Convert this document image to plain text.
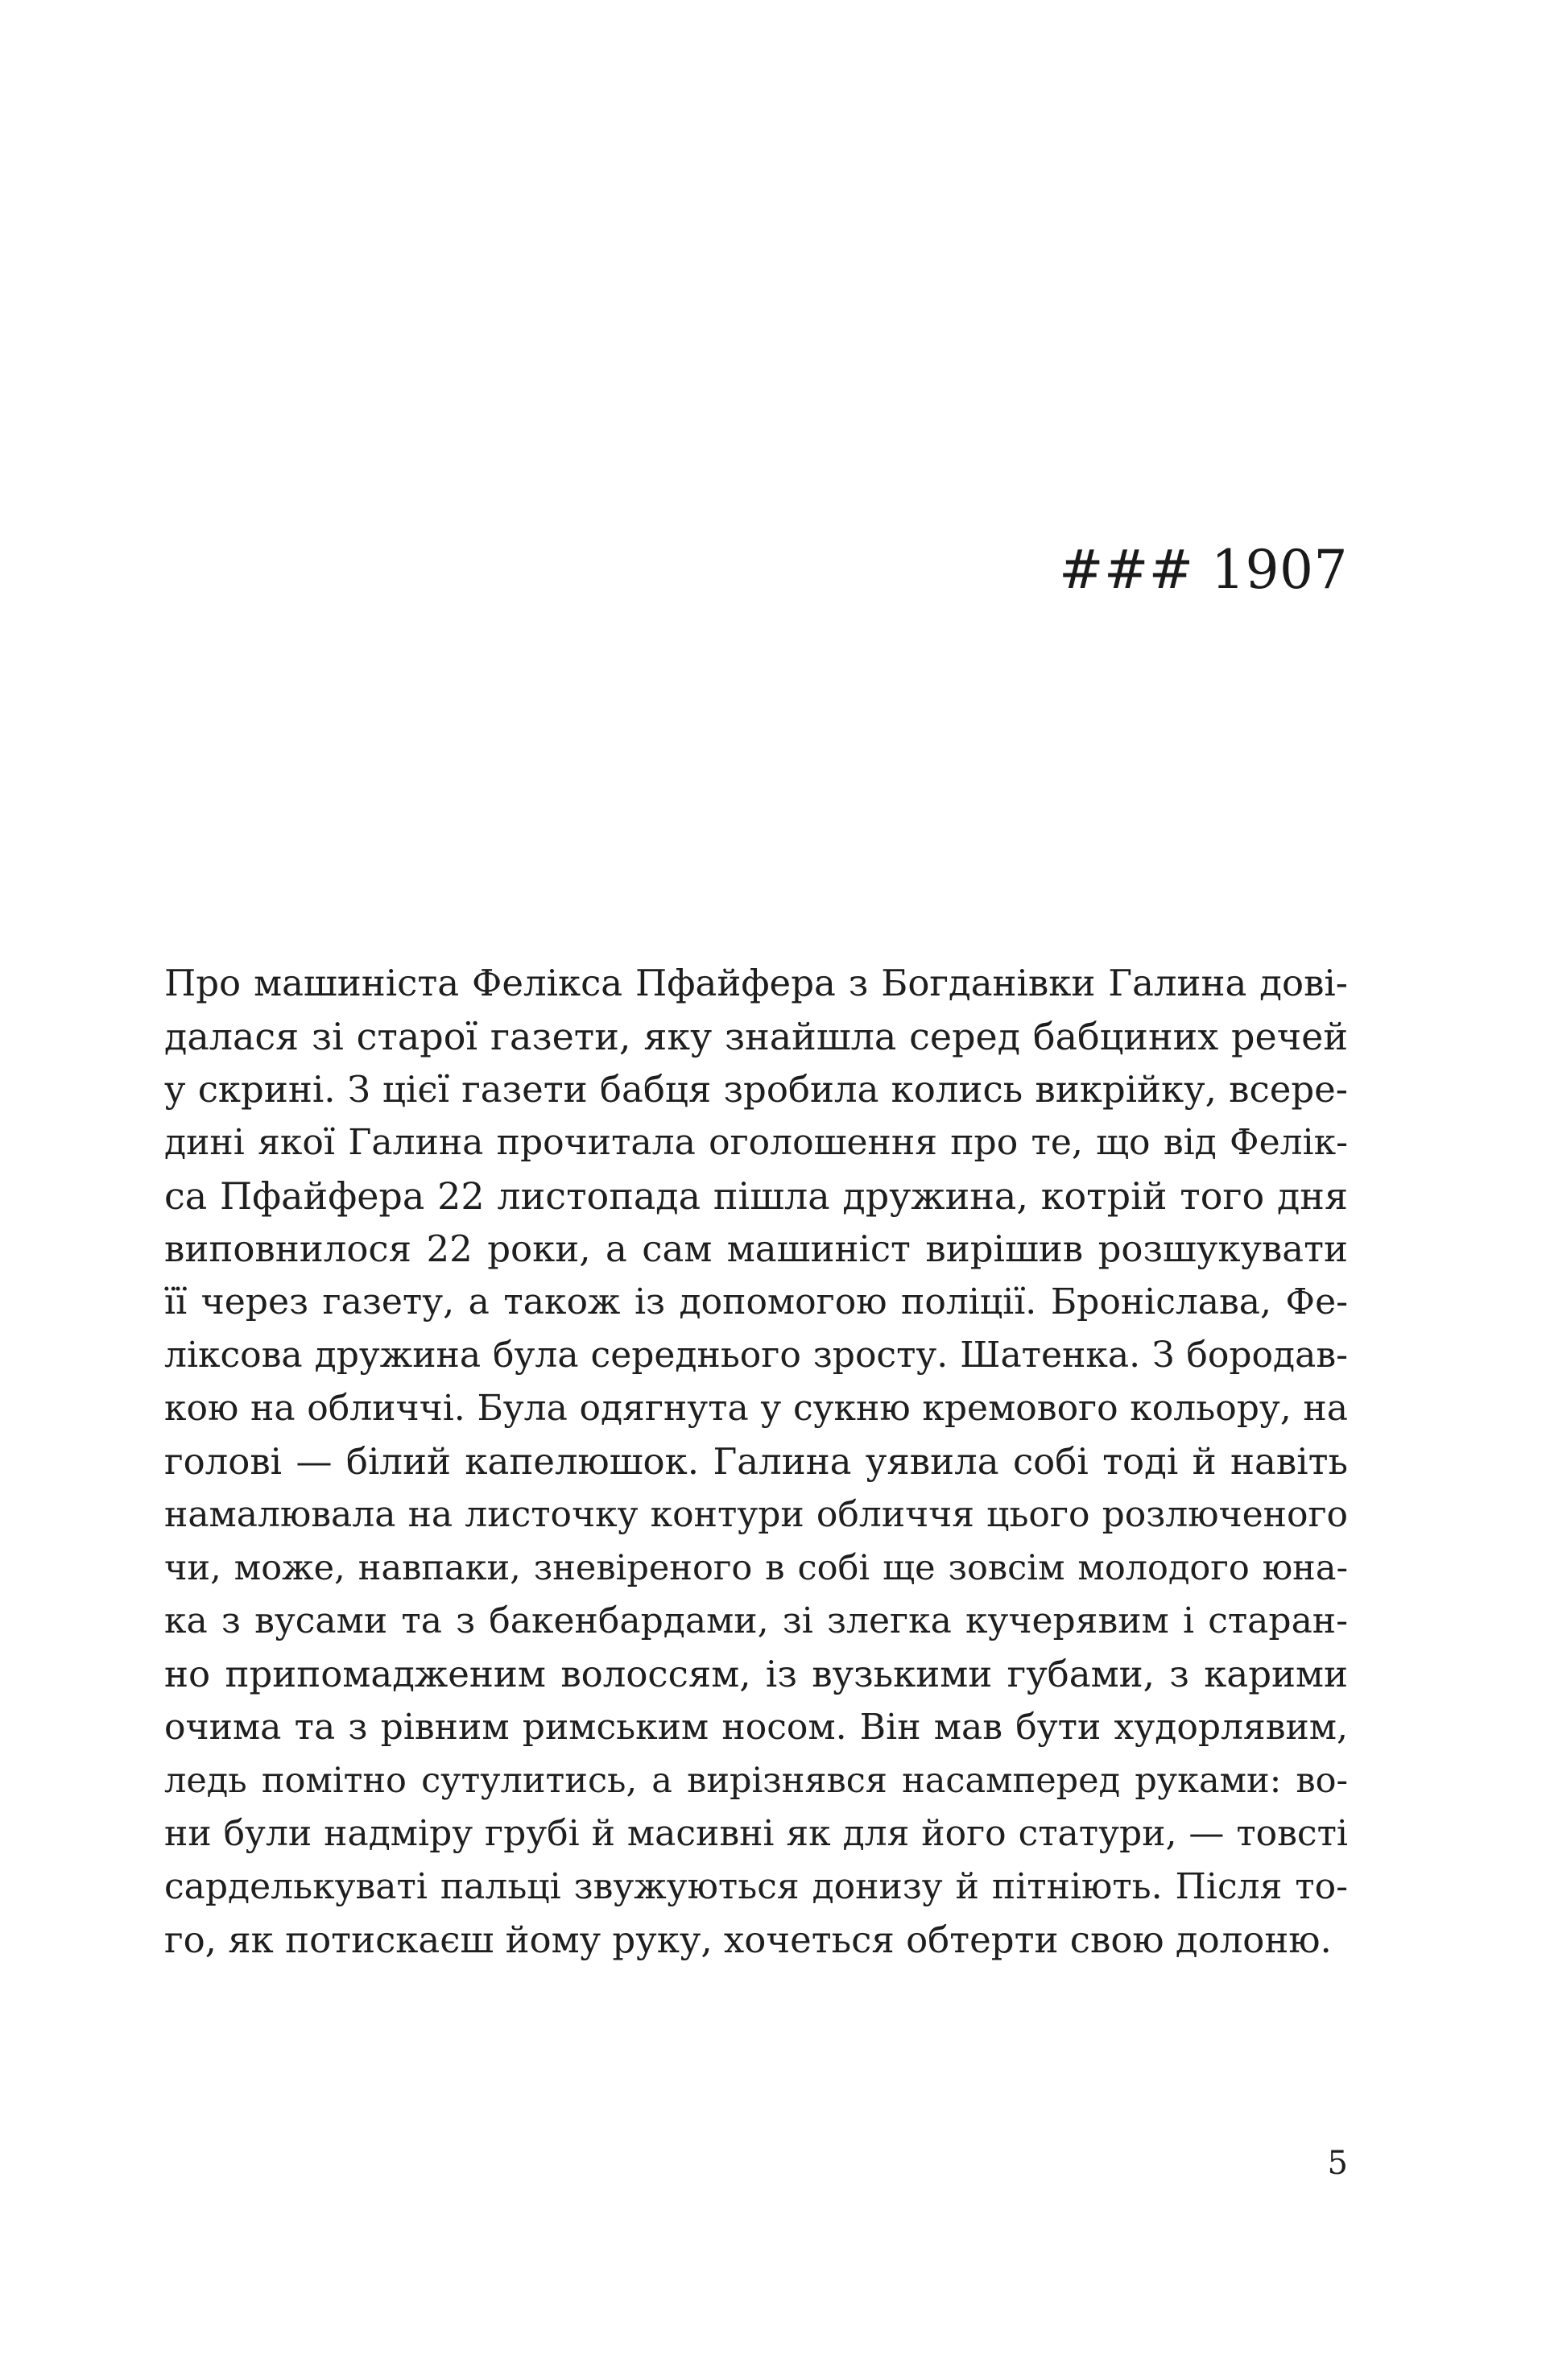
### 1907
Про машиніста Фелікса Пфайфера з Богданівки Галина дові-
далася зі старої газети, яку знайшла серед бабциних речей
у скрині. З цієї газети бабця зробила колись викрійку, всере-
дині якої Галина прочитала оголошення про те, що від Фелік-
са Пфайфера 22 листопада пішла дружина, котрій того дня
виповнилося 22 роки, а сам машиніст вирішив розшукувати
її через газету, а також із допомогою поліції. Броніслава, Фе-
ліксова дружина була середнього зросту. Шатенка. З бородав-
кою на обличчі. Була одягнута у сукню кремового кольору, на
голові — білий капелюшок. Галина уявила собі тоді й навіть
намалювала на листочку контури обличчя цього розлюченого
чи, може, навпаки, зневіреного в собі ще зовсім молодого юна-
ка з вусами та з бакенбардами, зі злегка кучерявим і старан-
но припомадженим волоссям, із вузькими губами, з карими
очима та з рівним римським носом. Він мав бути худорлявим,
ледь помітно сутулитись, а вирізнявся насамперед руками: во-
ни були надміру грубі й масивні як для його статури, — товсті
сарделькуваті пальці звужуються донизу й пітніють. Після то-
го, як потискаєш йому руку, хочеться обтерти свою долоню.
5
